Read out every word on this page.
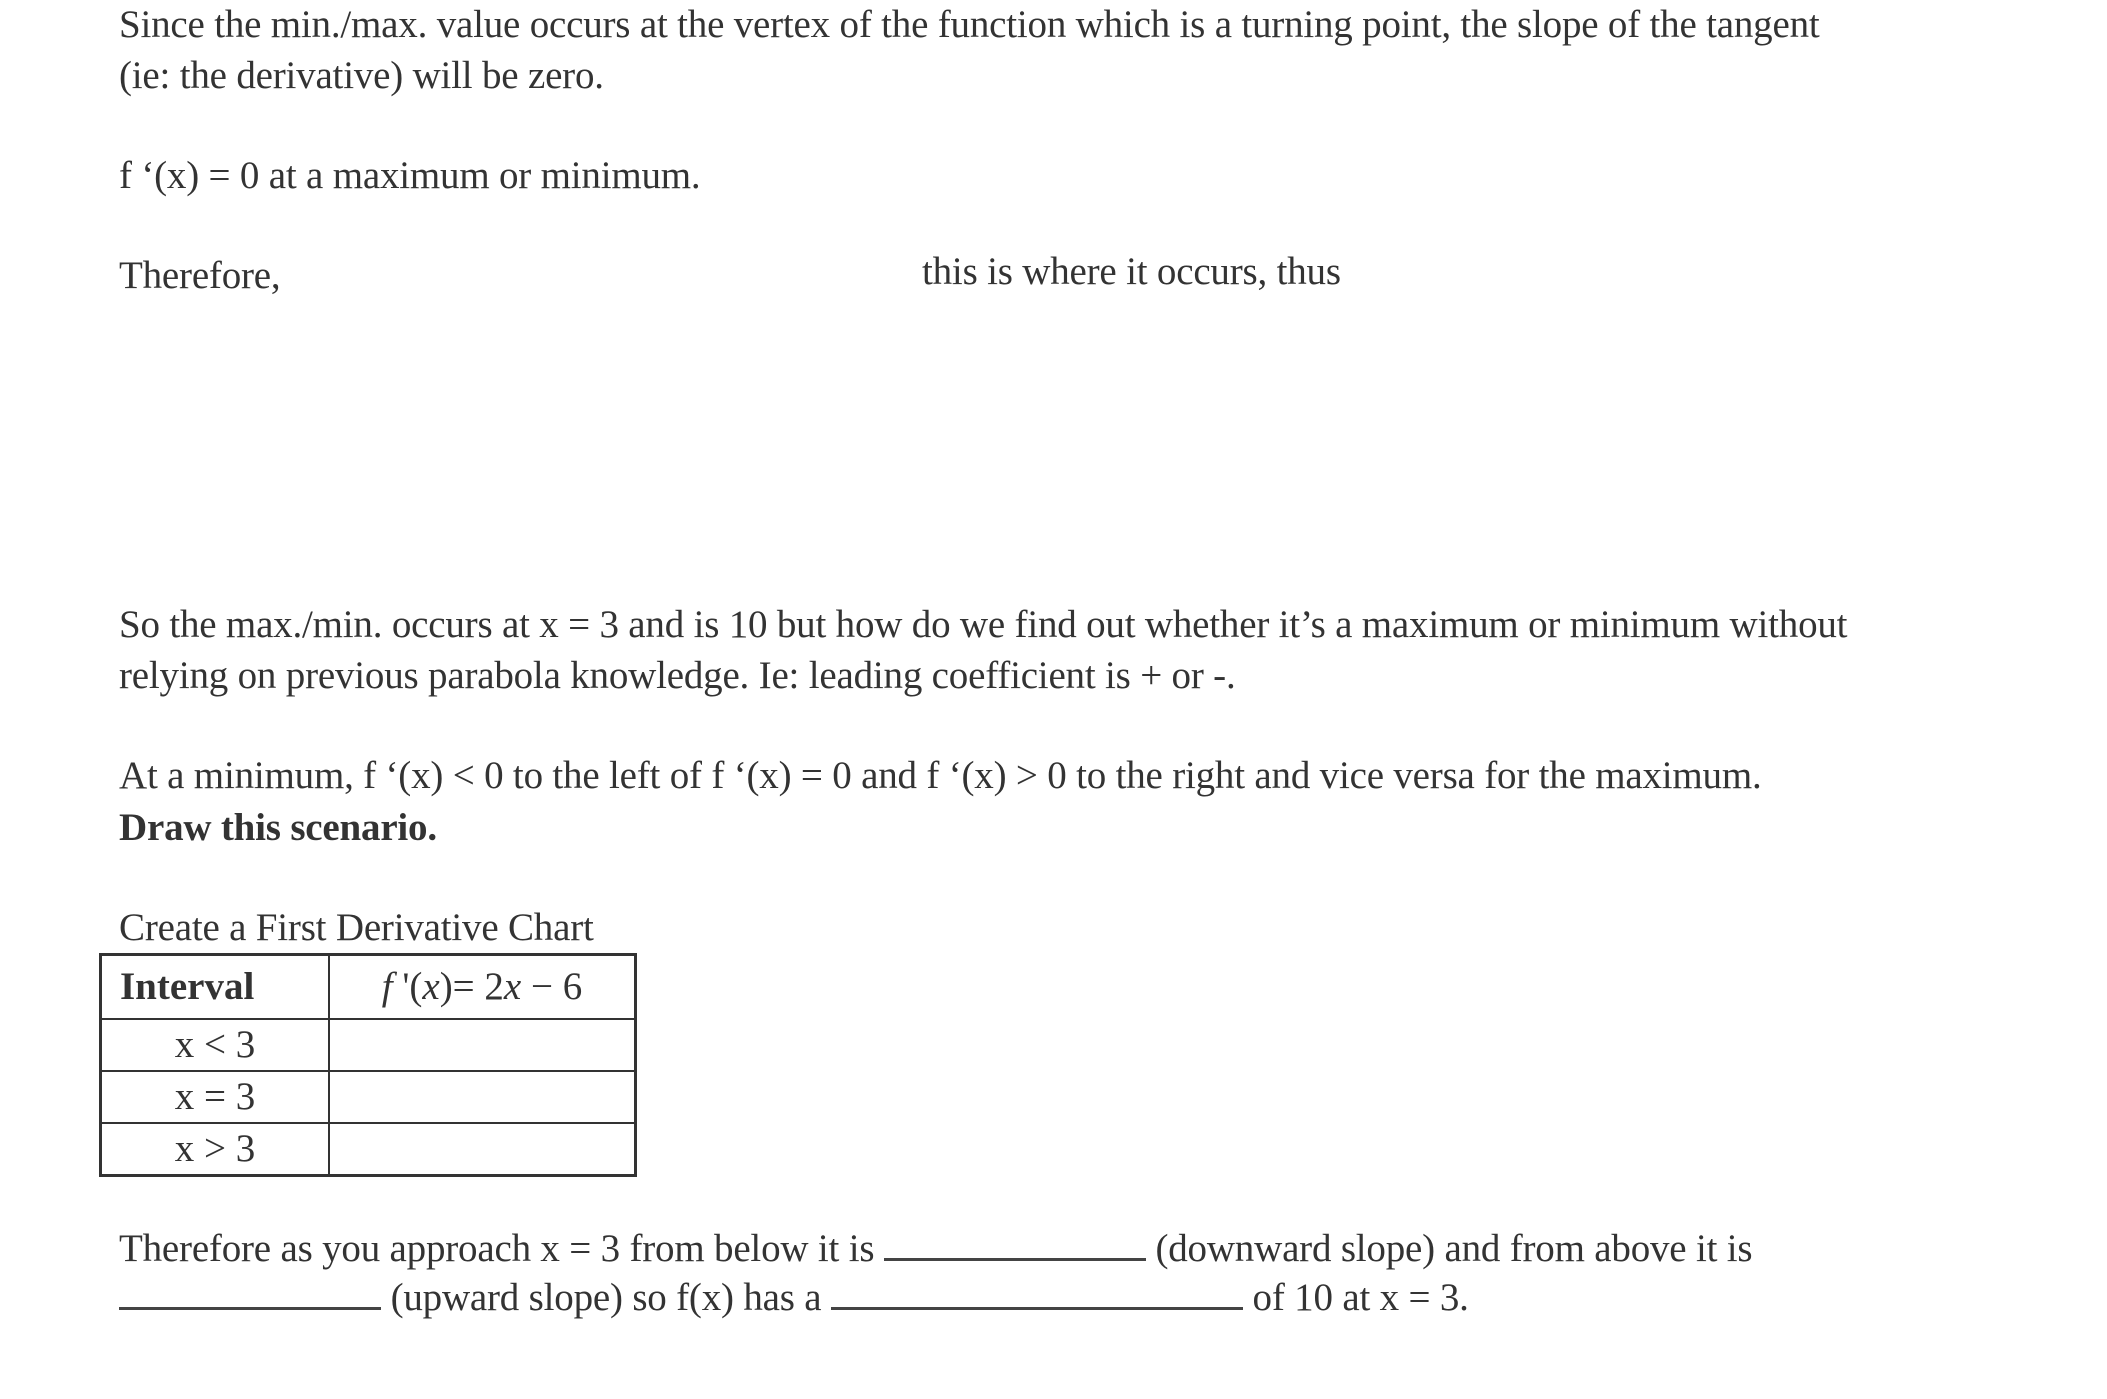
Since the min./max. value occurs at the vertex of the function which is a turning point, the slope of the tangent
(ie: the derivative) will be zero.
f ‘(x) = 0 at a maximum or minimum.
Therefore,	this is where it occurs, thus
So the max./min. occurs at x = 3 and is 10 but how do we find out whether it’s a maximum or minimum without
relying on previous parabola knowledge. Ie: leading coefficient is + or -.
At a minimum, f ‘(x) < 0 to the left of f ‘(x) = 0 and f ‘(x) > 0 to the right and vice versa for the maximum.
Draw this scenario.
Create a First Derivative Chart
Interval	f '(x)= 2x − 6
x < 3	
x = 3	
x > 3	
Therefore as you approach x = 3 from below it is	(downward slope) and from above it is
(upward slope) so f(x) has a	of 10 at x = 3.
